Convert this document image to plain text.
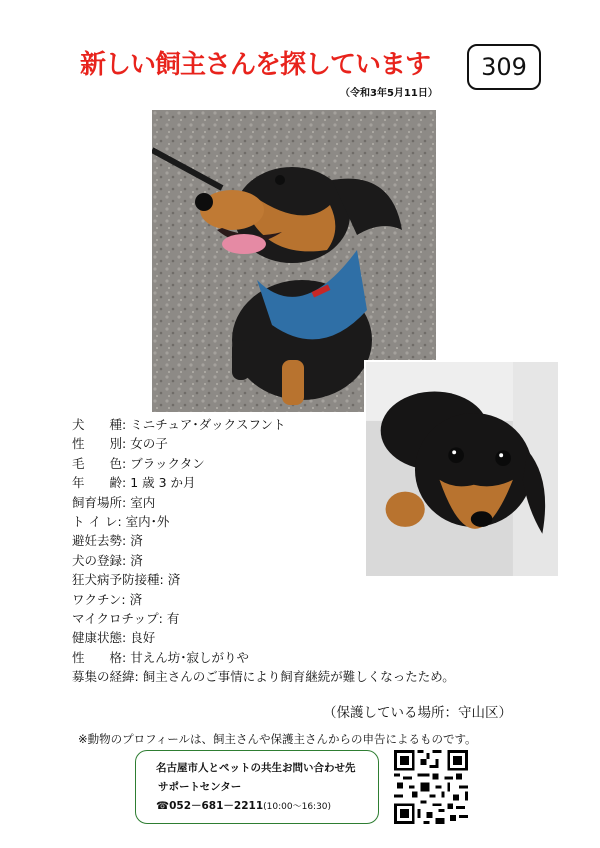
新しい飼主さんを探しています
（令和3年5月11日）
309
犬　　種: ミニチュア･ダックスフント
性　　別: 女の子
毛　　色: ブラックタン
年　　齢: 1 歳 3 か月
飼育場所: 室内
ト イ レ: 室内･外
避妊去勢: 済
犬の登録: 済
狂犬病予防接種: 済
ワクチン: 済
マイクロチップ: 有
健康状態: 良好
性　　格: 甘えん坊･寂しがりや
募集の経緯: 飼主さんのご事情により飼育継続が難しくなったため。
（保護している場所：守山区）
※動物のプロフィールは、飼主さんや保護主さんからの申告によるものです。
名古屋市人とペットの共生お問い合わせ先
サポートセンター
☎052－681－2211(10:00～16:30)
